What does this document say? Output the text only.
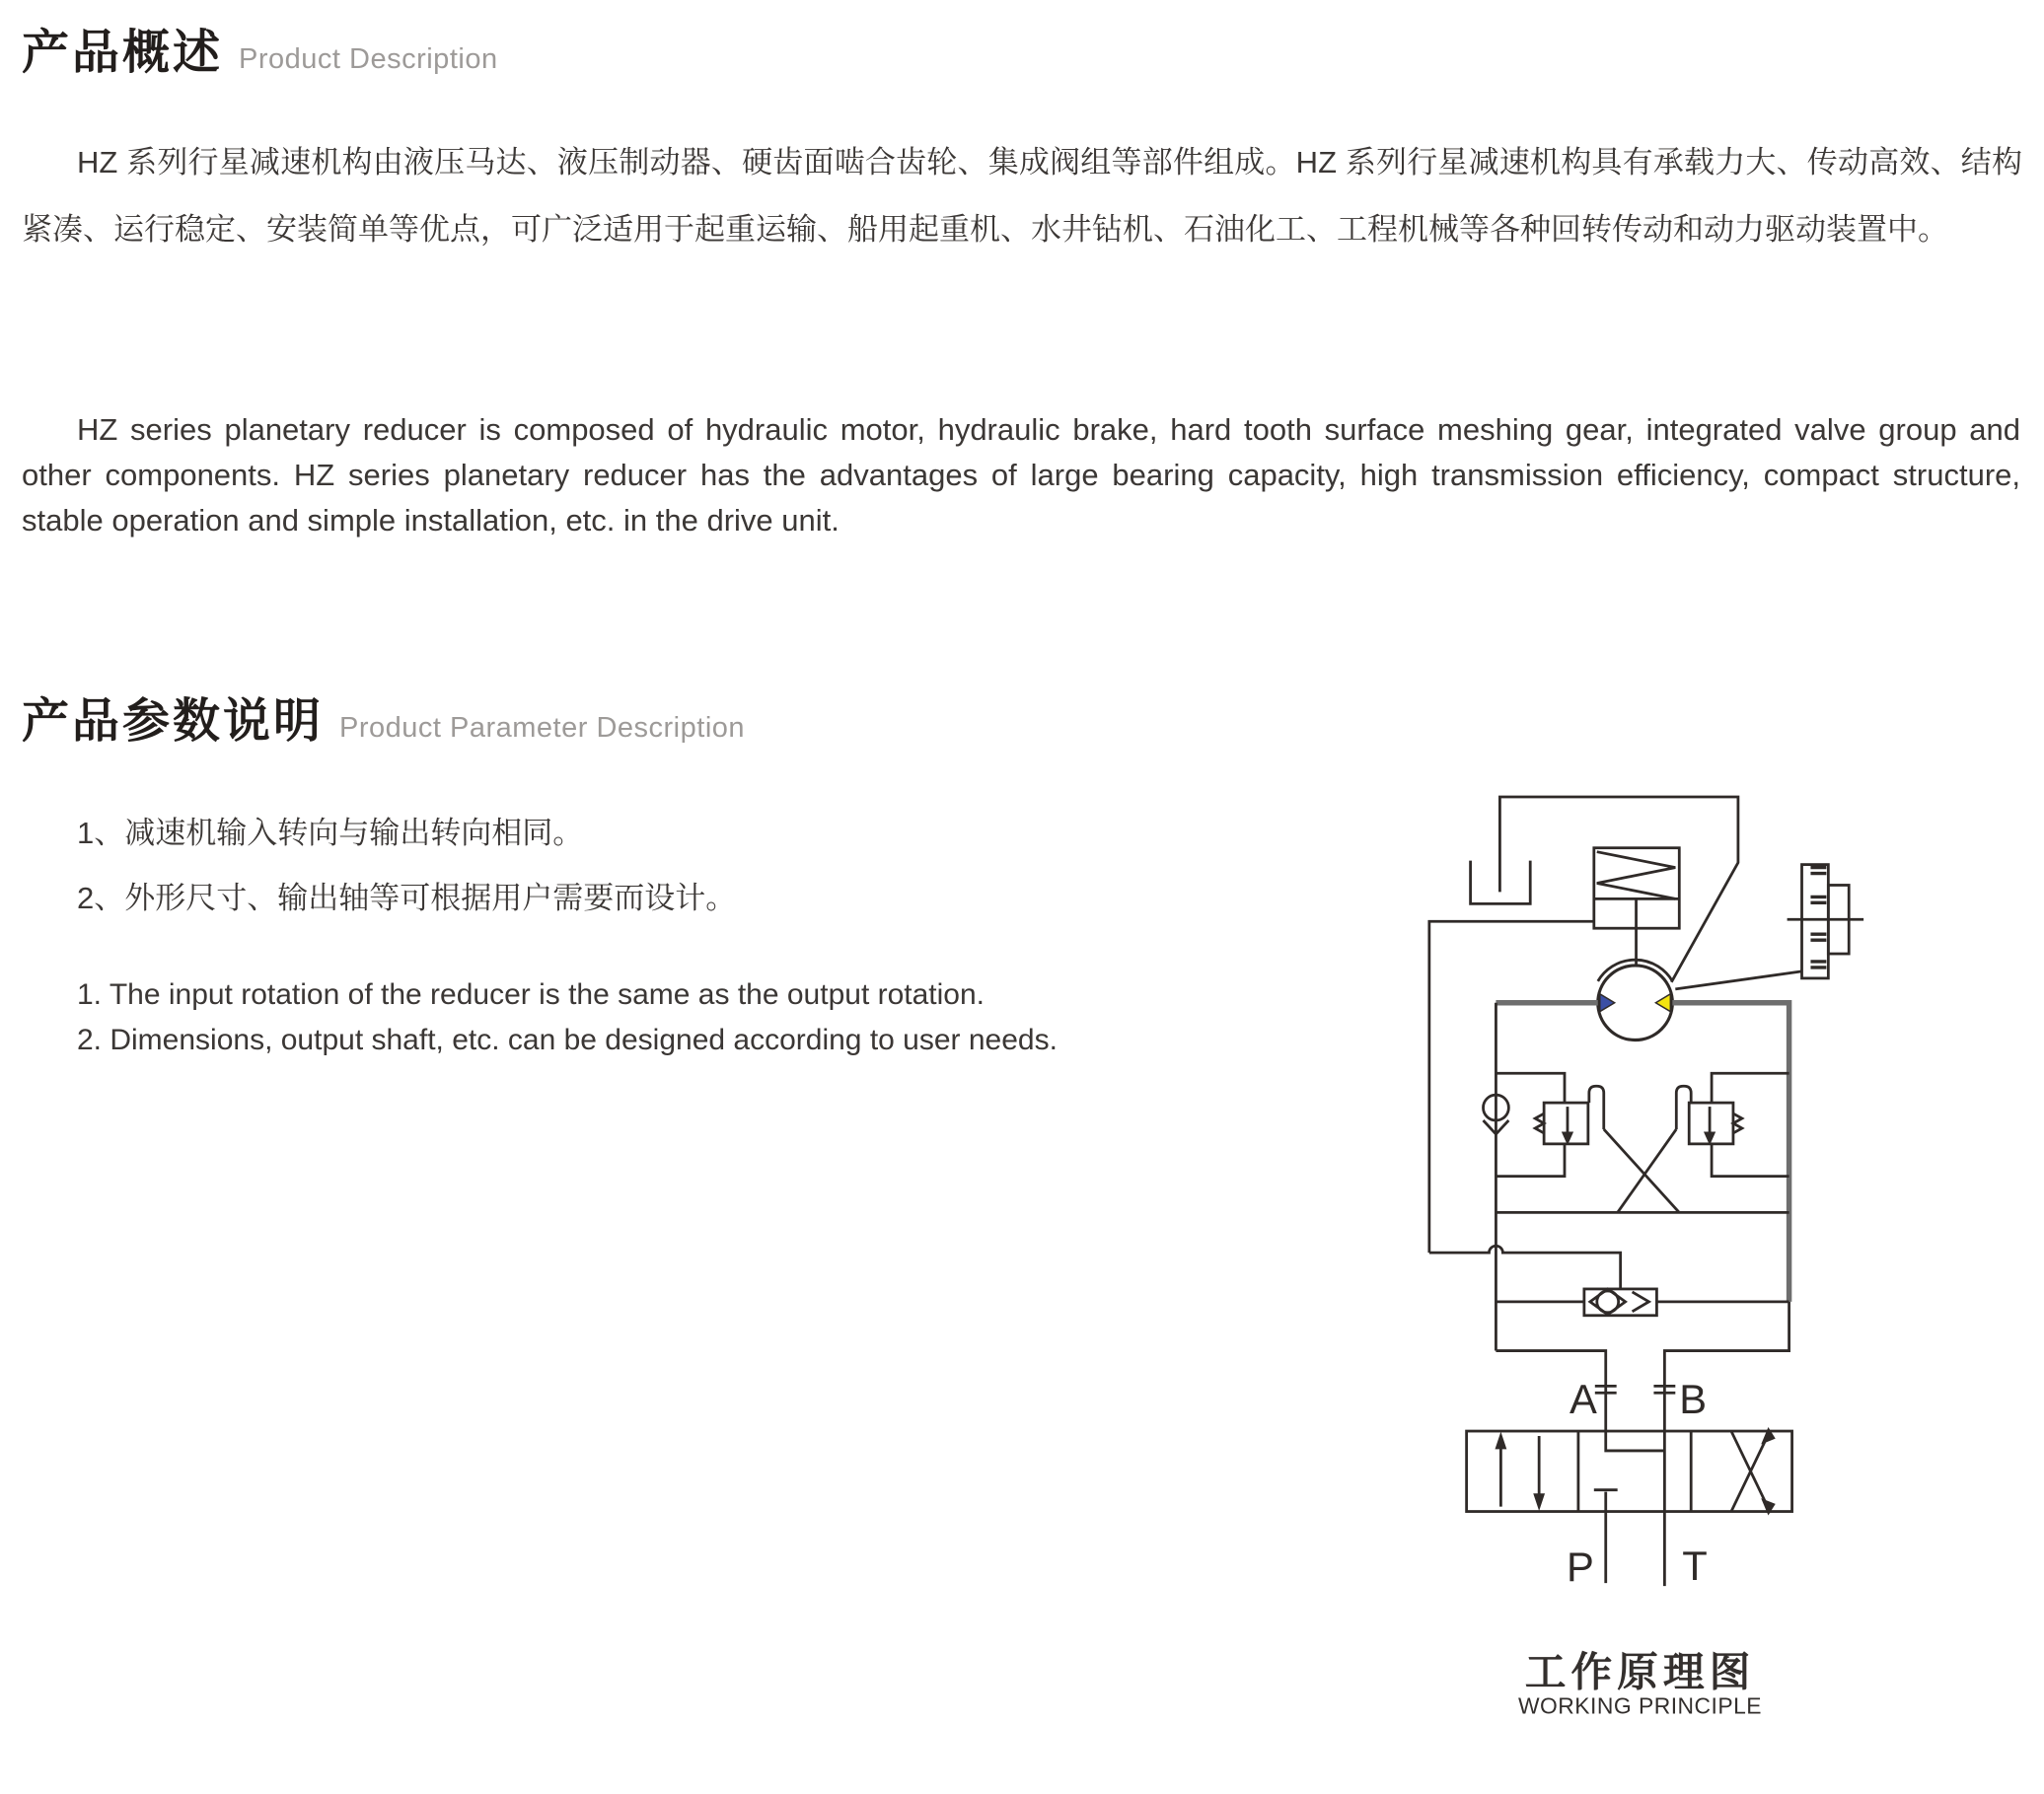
产品概述 Product Description

HZ 系列行星减速机构由液压马达、液压制动器、硬齿面啮合齿轮、集成阀组等部件组成。HZ 系列行星减速机构具有承载力大、传动高效、结构紧凑、运行稳定、安装简单等优点，可广泛适用于起重运输、船用起重机、水井钻机、石油化工、工程机械等各种回转传动和动力驱动装置中。

HZ series planetary reducer is composed of hydraulic motor, hydraulic brake, hard tooth surface meshing gear, integrated valve group and other components. HZ series planetary reducer has the advantages of large bearing capacity, high transmission efficiency, compact structure, stable operation and simple installation, etc. in the drive unit.

产品参数说明 Product Parameter Description
1、减速机输入转向与输出转向相同。
2、外形尺寸、输出轴等可根据用户需要而设计。
1. The input rotation of the reducer is the same as the output rotation.
2. Dimensions, output shaft, etc. can be designed according to user needs.
A B
P T
工作原理图
WORKING PRINCIPLE
